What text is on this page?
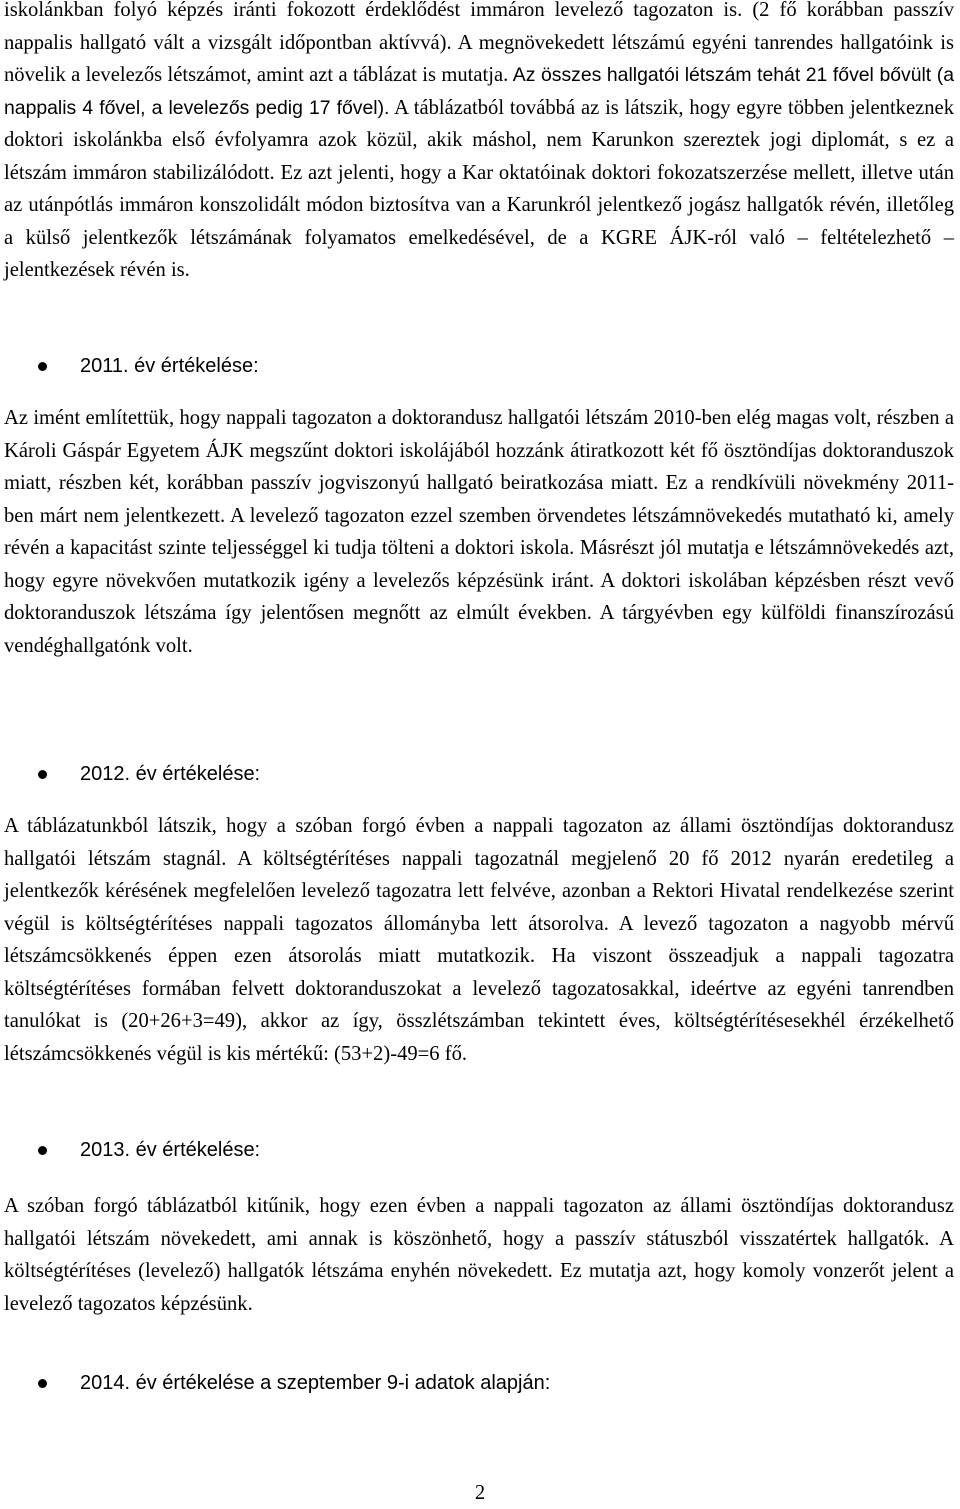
iskolánkban folyó képzés iránti fokozott érdeklődést immáron levelező tagozaton is. (2 fő korábban passzív nappalis hallgató vált a vizsgált időpontban aktívvá). A megnövekedett létszámú egyéni tanrendes hallgatóink is növelik a levelezős létszámot, amint azt a táblázat is mutatja. Az összes hallgatói létszám tehát 21 fővel bővült (a nappalis 4 fővel, a levelezős pedig 17 fővel). A táblázatból továbbá az is látszik, hogy egyre többen jelentkeznek doktori iskolánkba első évfolyamra azok közül, akik máshol, nem Karunkon szereztek jogi diplomát, s ez a létszám immáron stabilizálódott. Ez azt jelenti, hogy a Kar oktatóinak doktori fokozatszerzése mellett, illetve után az utánpótlás immáron konszolidált módon biztosítva van a Karunkról jelentkező jogász hallgatók révén, illetőleg a külső jelentkezők létszámának folyamatos emelkedésével, de a KGRE ÁJK-ról való – feltételezhető – jelentkezések révén is.

2011. év értékelése:

Az imént említettük, hogy nappali tagozaton a doktorandusz hallgatói létszám 2010-ben elég magas volt, részben a Károli Gáspár Egyetem ÁJK megszűnt doktori iskolájából hozzánk átiratkozott két fő ösztöndíjas doktoranduszok miatt, részben két, korábban passzív jogviszonyú hallgató beiratkozása miatt. Ez a rendkívüli növekmény 2011-ben márt nem jelentkezett. A levelező tagozaton ezzel szemben örvendetes létszámnövekedés mutatható ki, amely révén a kapacitást szinte teljességgel ki tudja tölteni a doktori iskola. Másrészt jól mutatja e létszámnövekedés azt, hogy egyre növekvően mutatkozik igény a levelezős képzésünk iránt. A doktori iskolában képzésben részt vevő doktoranduszok létszáma így jelentősen megnőtt az elmúlt években. A tárgyévben egy külföldi finanszírozású vendéghallgatónk volt.

2012. év értékelése:

A táblázatunkból látszik, hogy a szóban forgó évben a nappali tagozaton az állami ösztöndíjas doktorandusz hallgatói létszám stagnál. A költségtérítéses nappali tagozatnál megjelenő 20 fő 2012 nyarán eredetileg a jelentkezők kérésének megfelelően levelező tagozatra lett felvéve, azonban a Rektori Hivatal rendelkezése szerint végül is költségtérítéses nappali tagozatos állományba lett átsorolva. A levező tagozaton a nagyobb mérvű létszámcsökkenés éppen ezen átsorolás miatt mutatkozik. Ha viszont összeadjuk a nappali tagozatra költségtérítéses formában felvett doktoranduszokat a levelező tagozatosakkal, ideértve az egyéni tanrendben tanulókat is (20+26+3=49), akkor az így, összlétszámban tekintett éves, költségtérítésesekhél érzékelhető létszámcsökkenés végül is kis mértékű: (53+2)-49=6 fő.

2013. év értékelése:

A szóban forgó táblázatból kitűnik, hogy ezen évben a nappali tagozaton az állami ösztöndíjas doktorandusz hallgatói létszám növekedett, ami annak is köszönhető, hogy a passzív státuszból visszatértek hallgatók. A költségtérítéses (levelező) hallgatók létszáma enyhén növekedett. Ez mutatja azt, hogy komoly vonzerőt jelent a levelező tagozatos képzésünk.

2014. év értékelése a szeptember 9-i adatok alapján:
2
